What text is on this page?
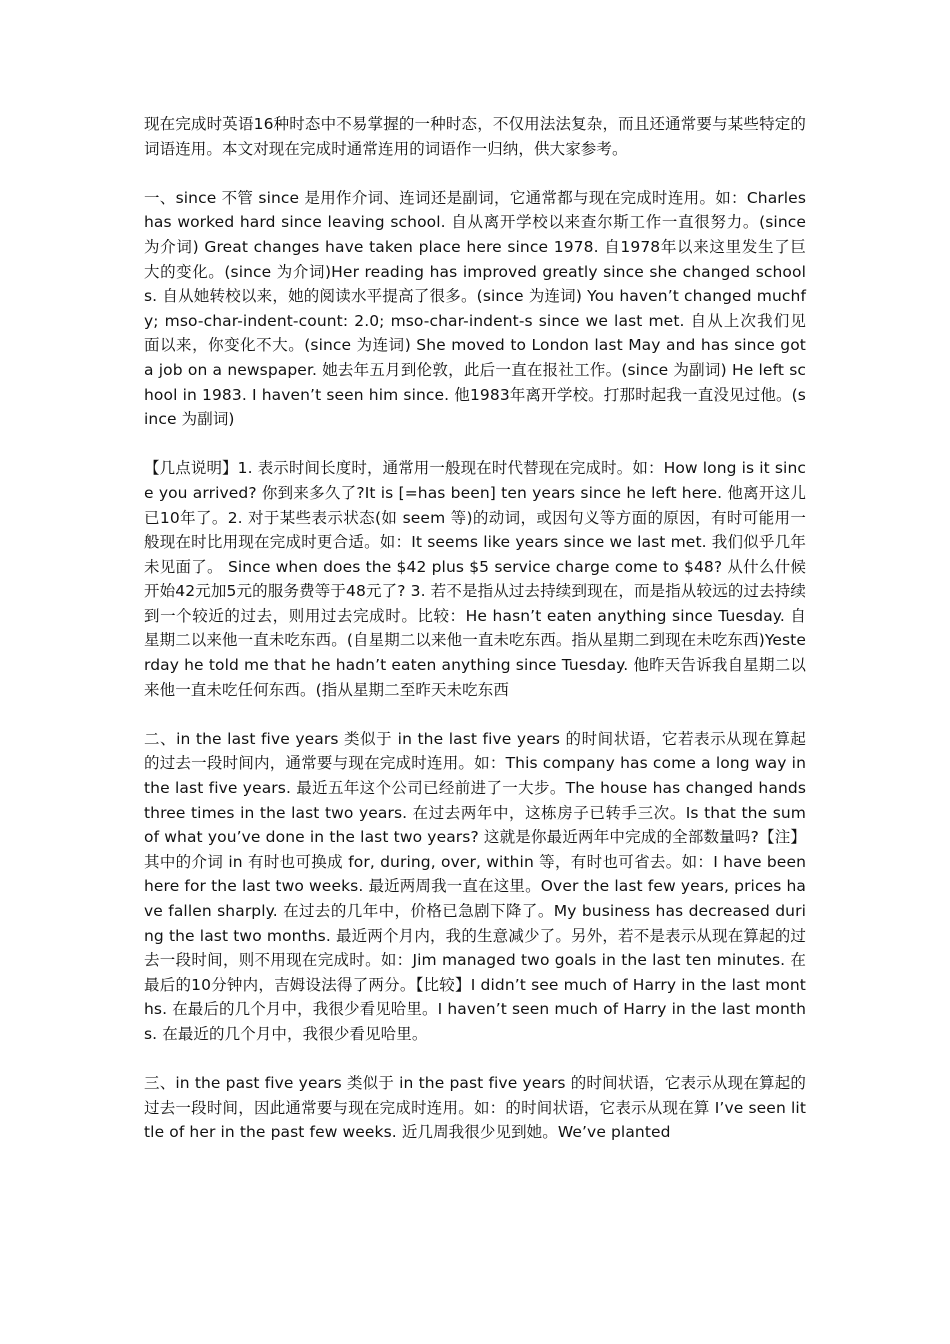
现在完成时英语16种时态中不易掌握的一种时态，不仅用法法复杂，而且还通常要与某些特定的词语连用。本文对现在完成时通常连用的词语作一归纳，供大家参考。

一、since 不管 since 是用作介词、连词还是副词，它通常都与现在完成时连用。如：Charles has worked hard since leaving school. 自从离开学校以来查尔斯工作一直很努力。(since 为介词) Great changes have taken place here since 1978. 自1978年以来这里发生了巨大的变化。(since 为介词)Her reading has improved greatly since she changed schools. 自从她转校以来，她的阅读水平提高了很多。(since 为连词) You haven’t changed muchfy; mso-char-indent-count: 2.0; mso-char-indent-s since we last met. 自从上次我们见面以来，你变化不大。(since 为连词) She moved to London last May and has since got a job on a newspaper. 她去年五月到伦敦，此后一直在报社工作。(since 为副词) He left school in 1983. I haven’t seen him since. 他1983年离开学校。打那时起我一直没见过他。(since 为副词)

【几点说明】1. 表示时间长度时，通常用一般现在时代替现在完成时。如：How long is it since you arrived? 你到来多久了?It is [=has been] ten years since he left here. 他离开这儿已10年了。2. 对于某些表示状态(如 seem 等)的动词，或因句义等方面的原因，有时可能用一般现在时比用现在完成时更合适。如：It seems like years since we last met. 我们似乎几年未见面了。 Since when does the $42 plus $5 service charge come to $48? 从什么什候开始42元加5元的服务费等于48元了? 3. 若不是指从过去持续到现在，而是指从较远的过去持续到一个较近的过去，则用过去完成时。比较：He hasn’t eaten anything since Tuesday. 自星期二以来他一直未吃东西。(自星期二以来他一直未吃东西。指从星期二到现在未吃东西)Yesterday he told me that he hadn’t eaten anything since Tuesday. 他昨天告诉我自星期二以来他一直未吃任何东西。(指从星期二至昨天未吃东西

二、in the last five years 类似于 in the last five years 的时间状语，它若表示从现在算起的过去一段时间内，通常要与现在完成时连用。如：This company has come a long way in the last five years. 最近五年这个公司已经前进了一大步。The house has changed hands three times in the last two years. 在过去两年中，这栋房子已转手三次。Is that the sum of what you’ve done in the last two years? 这就是你最近两年中完成的全部数量吗?【注】其中的介词 in 有时也可换成 for, during, over, within 等，有时也可省去。如：I have been here for the last two weeks. 最近两周我一直在这里。Over the last few years, prices have fallen sharply. 在过去的几年中，价格已急剧下降了。My business has decreased during the last two months. 最近两个月内，我的生意减少了。另外，若不是表示从现在算起的过去一段时间，则不用现在完成时。如：Jim managed two goals in the last ten minutes. 在最后的10分钟内，吉姆设法得了两分。【比较】I didn’t see much of Harry in the last months. 在最后的几个月中，我很少看见哈里。I haven’t seen much of Harry in the last months. 在最近的几个月中，我很少看见哈里。

三、in the past five years 类似于 in the past five years 的时间状语，它表示从现在算起的过去一段时间，因此通常要与现在完成时连用。如：的时间状语，它表示从现在算 I’ve seen little of her in the past few weeks. 近几周我很少见到她。We’ve planted
